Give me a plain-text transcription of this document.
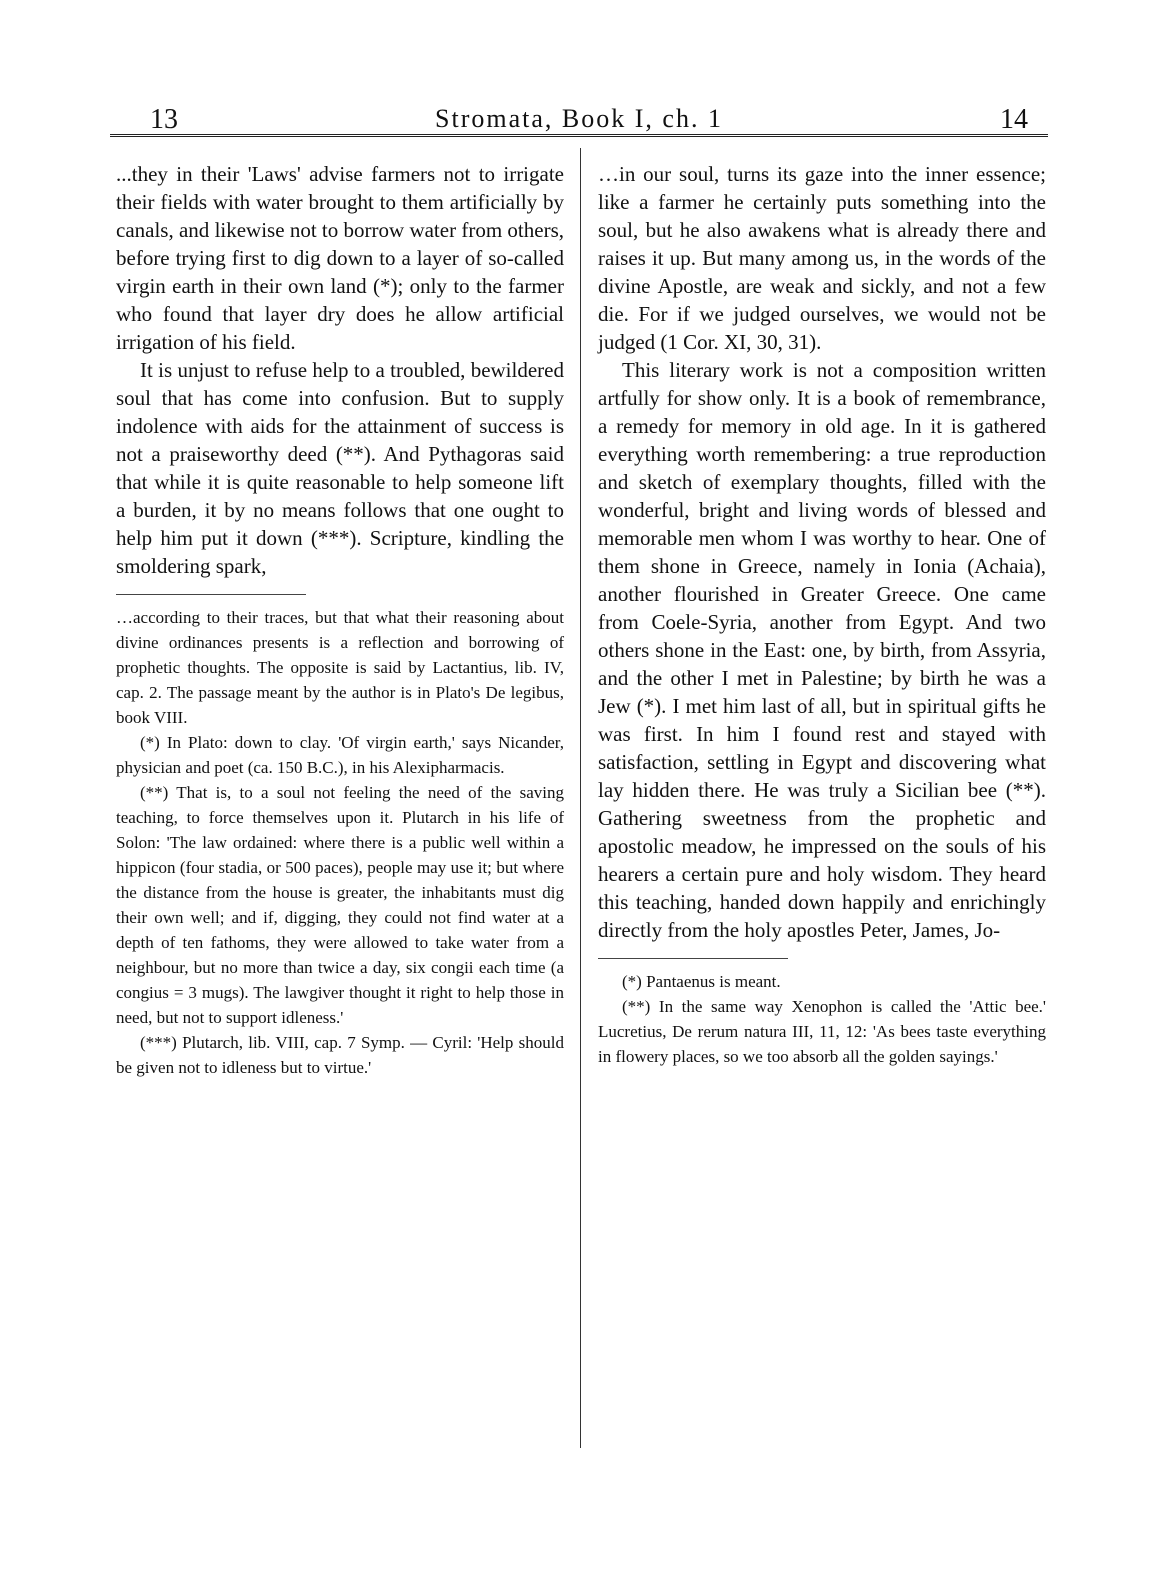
13	Stromata, Book I, ch. 1	14

...they in their 'Laws' advise farmers not to irrigate their fields with water brought to them artificially by canals, and likewise not to borrow water from others, before trying first to dig down to a layer of so-called virgin earth in their own land (*); only to the farmer who found that layer dry does he allow artificial irrigation of his field.

It is unjust to refuse help to a troubled, bewildered soul that has come into confusion. But to supply indolence with aids for the attainment of success is not a praiseworthy deed (**). And Pythagoras said that while it is quite reasonable to help someone lift a burden, it by no means follows that one ought to help him put it down (***). Scripture, kindling the smoldering spark,

…according to their traces, but that what their reasoning about divine ordinances presents is a reflection and borrowing of prophetic thoughts. The opposite is said by Lactantius, lib. IV, cap. 2. The passage meant by the author is in Plato's De legibus, book VIII.

(*) In Plato: down to clay. 'Of virgin earth,' says Nicander, physician and poet (ca. 150 B.C.), in his Alexipharmacis.

(**) That is, to a soul not feeling the need of the saving teaching, to force themselves upon it. Plutarch in his life of Solon: 'The law ordained: where there is a public well within a hippicon (four stadia, or 500 paces), people may use it; but where the distance from the house is greater, the inhabitants must dig their own well; and if, digging, they could not find water at a depth of ten fathoms, they were allowed to take water from a neighbour, but no more than twice a day, six congii each time (a congius = 3 mugs). The lawgiver thought it right to help those in need, but not to support idleness.'

(***) Plutarch, lib. VIII, cap. 7 Symp. — Cyril: 'Help should be given not to idleness but to virtue.'

…in our soul, turns its gaze into the inner essence; like a farmer he certainly puts something into the soul, but he also awakens what is already there and raises it up. But many among us, in the words of the divine Apostle, are weak and sickly, and not a few die. For if we judged ourselves, we would not be judged (1 Cor. XI, 30, 31).

This literary work is not a composition written artfully for show only. It is a book of remembrance, a remedy for memory in old age. In it is gathered everything worth remembering: a true reproduction and sketch of exemplary thoughts, filled with the wonderful, bright and living words of blessed and memorable men whom I was worthy to hear. One of them shone in Greece, namely in Ionia (Achaia), another flourished in Greater Greece. One came from Coele-Syria, another from Egypt. And two others shone in the East: one, by birth, from Assyria, and the other I met in Palestine; by birth he was a Jew (*). I met him last of all, but in spiritual gifts he was first. In him I found rest and stayed with satisfaction, settling in Egypt and discovering what lay hidden there. He was truly a Sicilian bee (**). Gathering sweetness from the prophetic and apostolic meadow, he impressed on the souls of his hearers a certain pure and holy wisdom. They heard this teaching, handed down happily and enrichingly directly from the holy apostles Peter, James, Jo-

(*) Pantaenus is meant.

(**) In the same way Xenophon is called the 'Attic bee.' Lucretius, De rerum natura III, 11, 12: 'As bees taste everything in flowery places, so we too absorb all the golden sayings.'
